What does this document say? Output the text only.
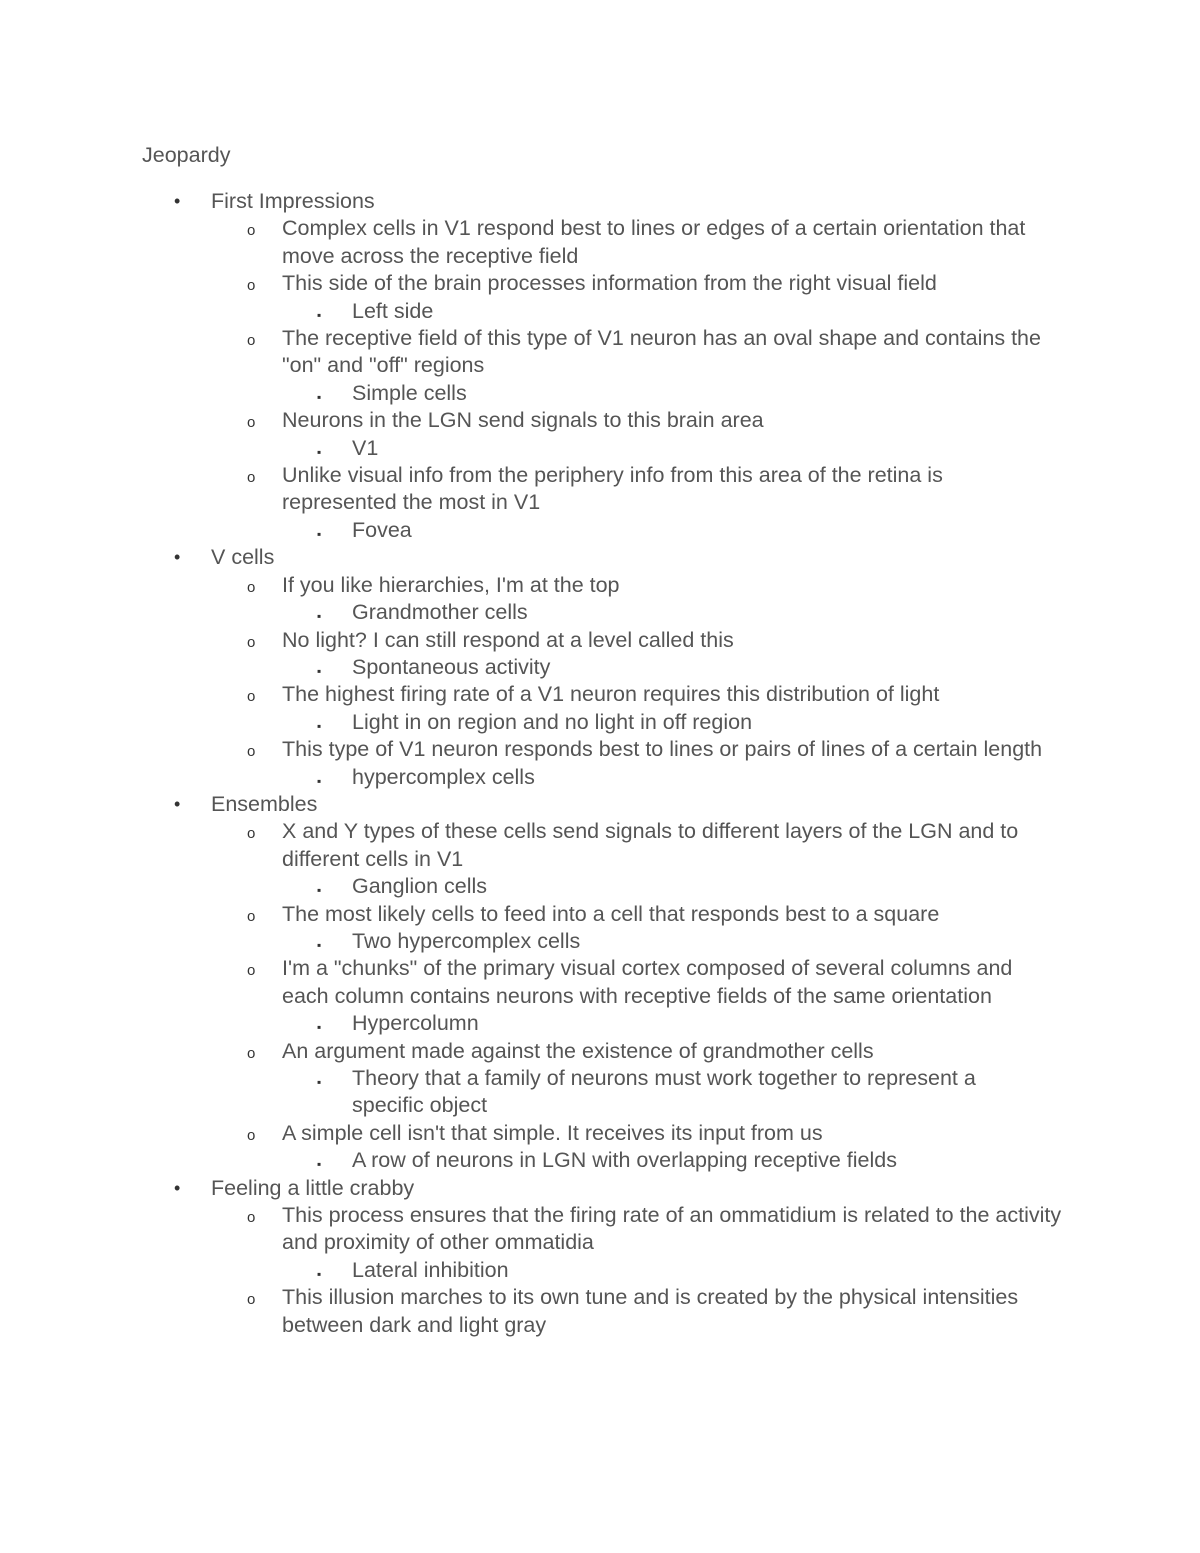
Jeopardy
• First Impressions
o Complex cells in V1 respond best to lines or edges of a certain orientation that move across the receptive field
o This side of the brain processes information from the right visual field
▪ Left side
o The receptive field of this type of V1 neuron has an oval shape and contains the "on" and "off" regions
▪ Simple cells
o Neurons in the LGN send signals to this brain area
▪ V1
o Unlike visual info from the periphery info from this area of the retina is represented the most in V1
▪ Fovea
• V cells
o If you like hierarchies, I'm at the top
▪ Grandmother cells
o No light? I can still respond at a level called this
▪ Spontaneous activity
o The highest firing rate of a V1 neuron requires this distribution of light
▪ Light in on region and no light in off region
o This type of V1 neuron responds best to lines or pairs of lines of a certain length
▪ hypercomplex cells
• Ensembles
o X and Y types of these cells send signals to different layers of the LGN and to different cells in V1
▪ Ganglion cells
o The most likely cells to feed into a cell that responds best to a square
▪ Two hypercomplex cells
o I'm a "chunks" of the primary visual cortex composed of several columns and each column contains neurons with receptive fields of the same orientation
▪ Hypercolumn
o An argument made against the existence of grandmother cells
▪ Theory that a family of neurons must work together to represent a specific object
o A simple cell isn't that simple. It receives its input from us
▪ A row of neurons in LGN with overlapping receptive fields
• Feeling a little crabby
o This process ensures that the firing rate of an ommatidium is related to the activity and proximity of other ommatidia
▪ Lateral inhibition
o This illusion marches to its own tune and is created by the physical intensities between dark and light gray
